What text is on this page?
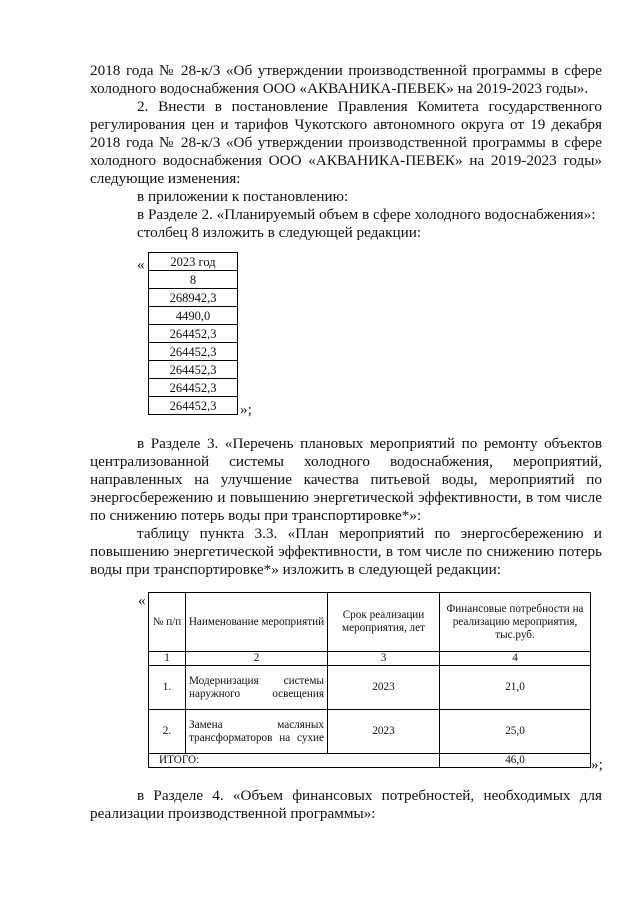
2018 года № 28-к/3 «Об утверждении производственной программы в сфере

холодного водоснабжения ООО «АКВАНИКА-ПЕВЕК» на 2019-2023 годы».

2. Внести в постановление Правления Комитета государственного

регулирования цен и тарифов Чукотского автономного округа от 19 декабря

2018 года № 28-к/3 «Об утверждении производственной программы в сфере

холодного водоснабжения ООО «АКВАНИКА-ПЕВЕК» на 2019-2023 годы»

следующие изменения:

в приложении к постановлению:

в Разделе 2. «Планируемый объем в сфере холодного водоснабжения»:

столбец 8 изложить в следующей редакции:

« 2023 год
8
268942,3
4490,0
264452,3
264452,3
264452,3
264452,3
264452,3 »;

в Разделе 3. «Перечень плановых мероприятий по ремонту объектов

централизованной системы холодного водоснабжения, мероприятий,

направленных на улучшение качества питьевой воды, мероприятий по

энергосбережению и повышению энергетической эффективности, в том числе

по снижению потерь воды при транспортировке*»:

таблицу пункта 3.3. «План мероприятий по энергосбережению и

повышению энергетической эффективности, в том числе по снижению потерь

воды при транспортировке*» изложить в следующей редакции:

«
№ п/п	Наименование мероприятий	Срок реализации мероприятия, лет	Финансовые потребности на реализацию мероприятия, тыс.руб.
1	2	3	4
1.	Модернизация системы наружного освещения	2023	21,0
2.	Замена масляных трансформаторов на сухие	2023	25,0
ИТОГО:			46,0	»;

в Разделе 4. «Объем финансовых потребностей, необходимых для

реализации производственной программы»:
